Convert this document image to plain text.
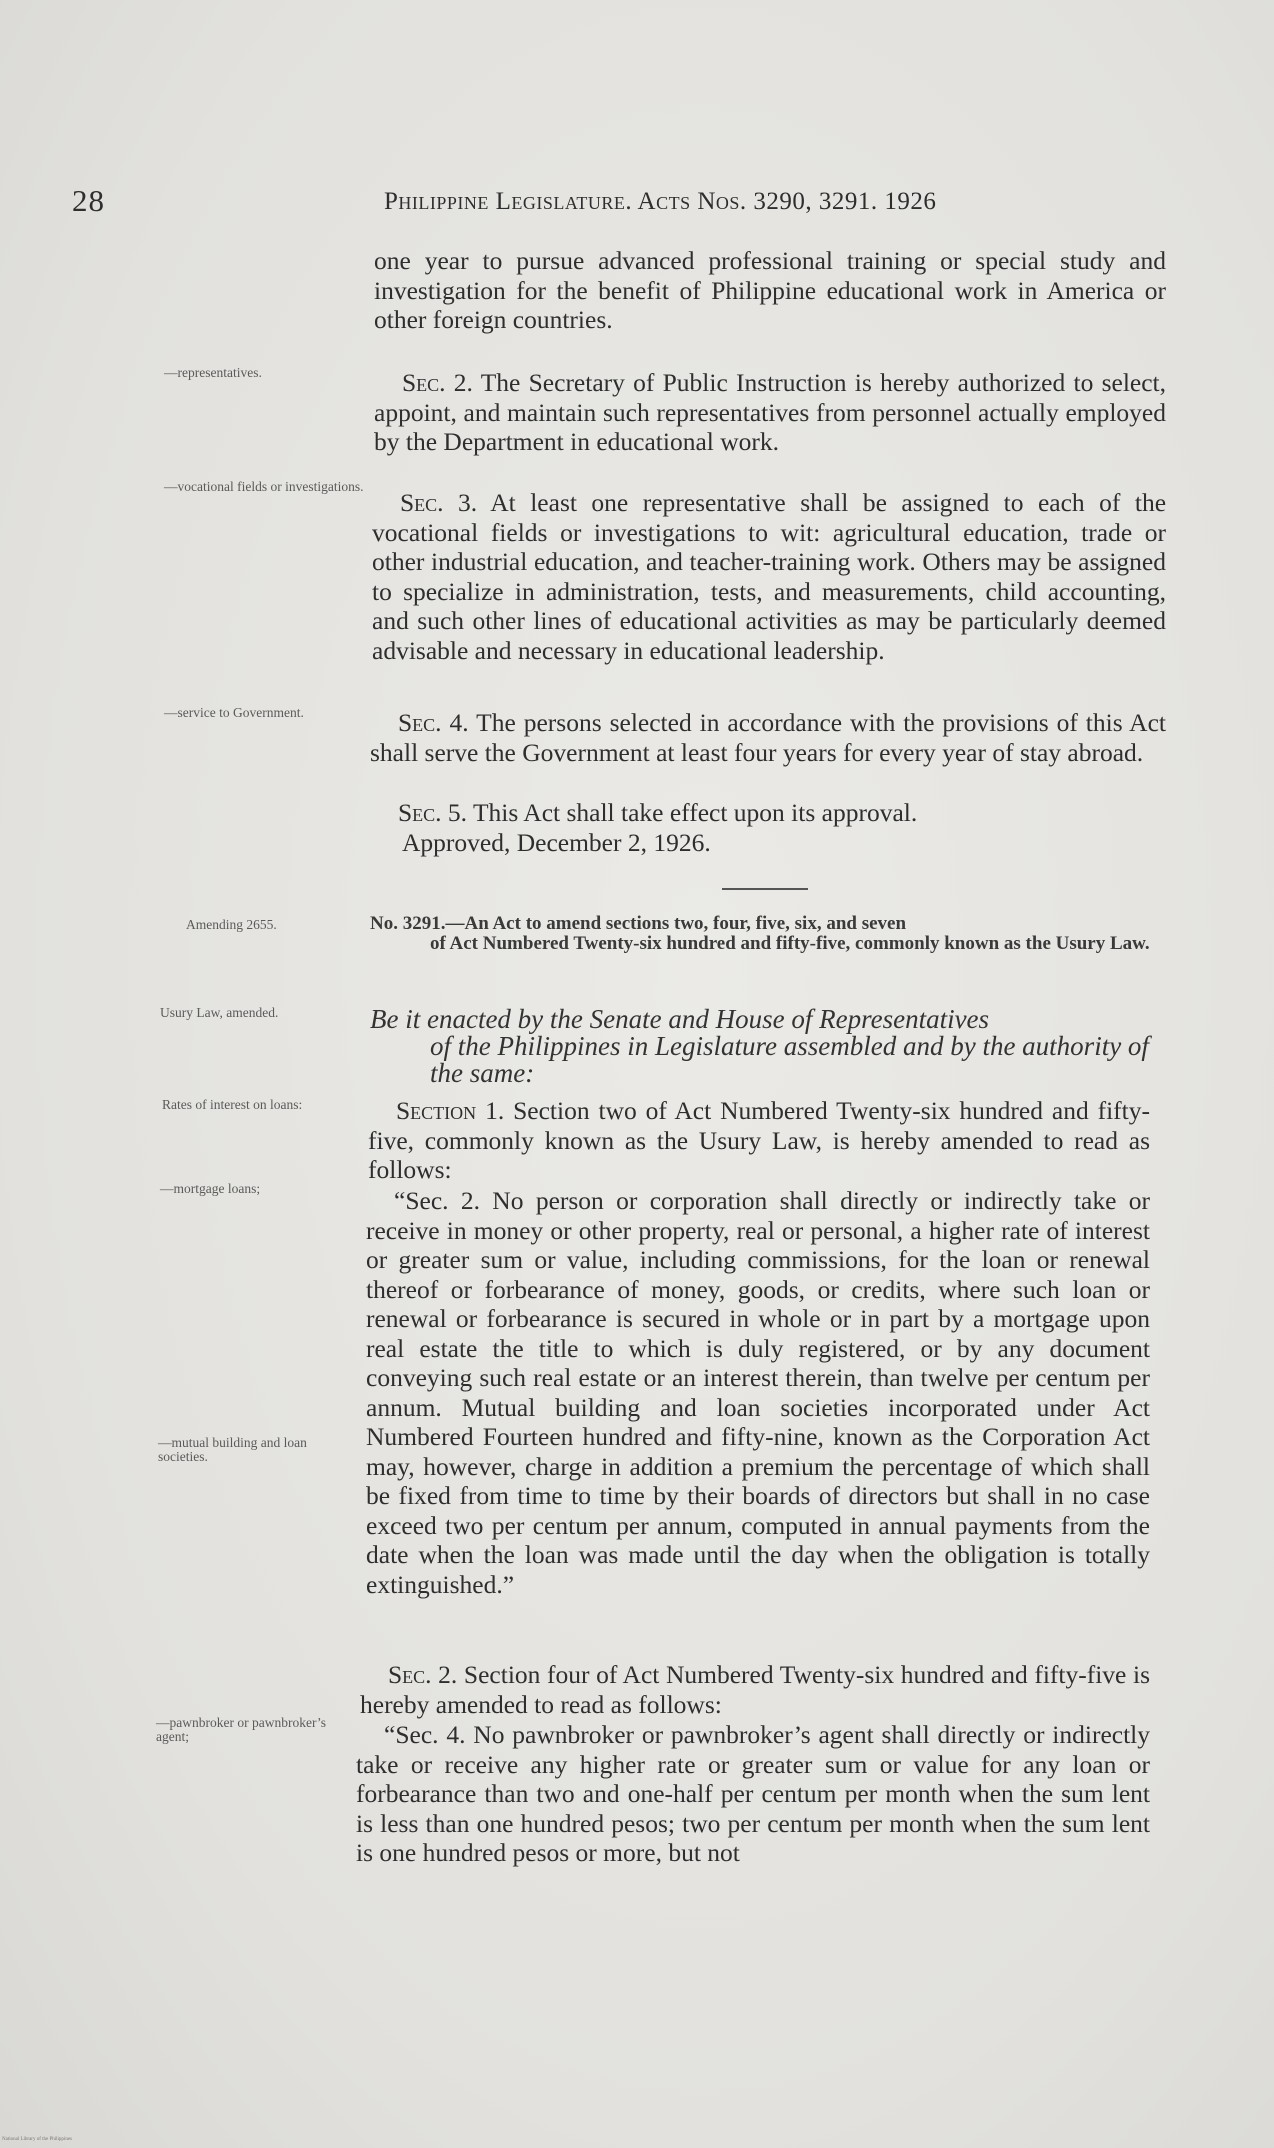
28	Philippine Legislature. Acts Nos. 3290, 3291. 1926

one year to pursue advanced professional training or special study and investigation for the benefit of Philippine educational work in America or other foreign countries.

Sec. 2. The Secretary of Public Instruction is hereby authorized to select, appoint, and maintain such representatives from personnel actually employed by the Department in educational work.

Sec. 3. At least one representative shall be assigned to each of the vocational fields or investigations to wit: agricultural education, trade or other industrial education, and teacher-training work. Others may be assigned to specialize in administration, tests, and measurements, child accounting, and such other lines of educational activities as may be particularly deemed advisable and necessary in educational leadership.

Sec. 4. The persons selected in accordance with the provisions of this Act shall serve the Government at least four years for every year of stay abroad.

Sec. 5. This Act shall take effect upon its approval.

Approved, December 2, 1926.

No. 3291.—An Act to amend sections two, four, five, six, and seven
of Act Numbered Twenty-six hundred and fifty-five, commonly known as the Usury Law.
Be it enacted by the Senate and House of Representatives
of the Philippines in Legislature assembled and by the authority of the same:

Section 1. Section two of Act Numbered Twenty-six hundred and fifty-five, commonly known as the Usury Law, is hereby amended to read as follows:

“Sec. 2. No person or corporation shall directly or indirectly take or receive in money or other property, real or personal, a higher rate of interest or greater sum or value, including commissions, for the loan or renewal thereof or forbearance of money, goods, or credits, where such loan or renewal or forbearance is secured in whole or in part by a mortgage upon real estate the title to which is duly registered, or by any document conveying such real estate or an interest therein, than twelve per centum per annum. Mutual building and loan societies incorporated under Act Numbered Fourteen hundred and fifty-nine, known as the Corporation Act may, however, charge in addition a premium the percentage of which shall be fixed from time to time by their boards of directors but shall in no case exceed two per centum per annum, computed in annual payments from the date when the loan was made until the day when the obligation is totally extinguished.”

Sec. 2. Section four of Act Numbered Twenty-six hundred and fifty-five is hereby amended to read as follows:

“Sec. 4. No pawnbroker or pawnbroker’s agent shall directly or indirectly take or receive any higher rate or greater sum or value for any loan or forbearance than two and one-half per centum per month when the sum lent is less than one hundred pesos; two per centum per month when the sum lent is one hundred pesos or more, but not

—representatives.
—vocational fields or investigations.
—service to Government.
Amending 2655.
Usury Law, amended.
Rates of interest on loans:
—mortgage loans;
—mutual building and loan societies.
—pawnbroker or pawnbroker’s agent;
National Library of the Philippines
